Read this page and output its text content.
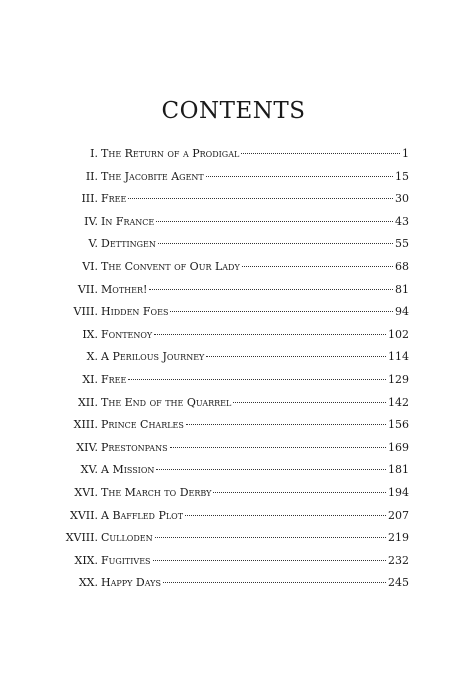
CONTENTS
I. The Return of a Prodigal	1
II. The Jacobite Agent	15
III. Free	30
IV. In France	43
V. Dettingen	55
VI. The Convent of Our Lady	68
VII. Mother!	81
VIII. Hidden Foes	94
IX. Fontenoy	102
X. A Perilous Journey	114
XI. Free	129
XII. The End of the Quarrel	142
XIII. Prince Charles	156
XIV. Prestonpans	169
XV. A Mission	181
XVI. The March to Derby	194
XVII. A Baffled Plot	207
XVIII. Culloden	219
XIX. Fugitives	232
XX. Happy Days	245
